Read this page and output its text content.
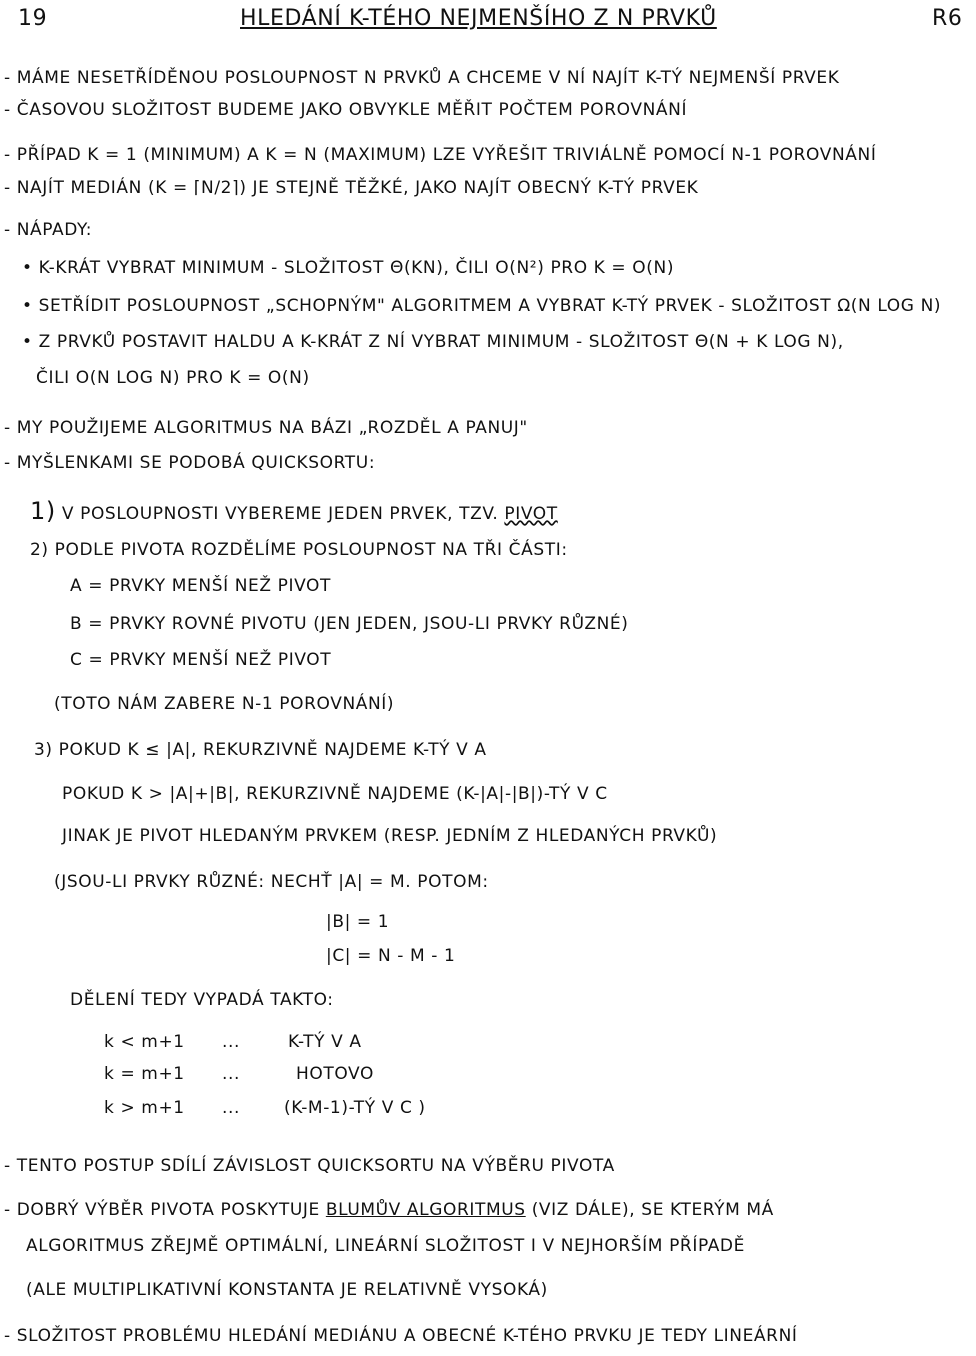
19	HLEDÁNÍ K-TÉHO NEJMENŠÍHO Z N PRVKŮ	R6
- MÁME NESETŘÍDĚNOU POSLOUPNOST N PRVKŮ A CHCEME V NÍ NAJÍT K-TÝ NEJMENŠÍ PRVEK
- ČASOVOU SLOŽITOST BUDEME JAKO OBVYKLE MĚŘIT POČTEM POROVNÁNÍ
- PŘÍPAD K = 1 (MINIMUM) A K = N (MAXIMUM) LZE VYŘEŠIT TRIVIÁLNĚ POMOCÍ N-1 POROVNÁNÍ
- NAJÍT MEDIÁN (K = ⌈N/2⌉) JE STEJNĚ TĚŽKÉ, JAKO NAJÍT OBECNÝ K-TÝ PRVEK
- NÁPADY:
• K-KRÁT VYBRAT MINIMUM - SLOŽITOST Θ(KN), ČILI O(N²) PRO K = O(N)
• SETŘÍDIT POSLOUPNOST „SCHOPNÝM" ALGORITMEM A VYBRAT K-TÝ PRVEK - SLOŽITOST Ω(N LOG N)
• Z PRVKŮ POSTAVIT HALDU A K-KRÁT Z NÍ VYBRAT MINIMUM - SLOŽITOST Θ(N + K LOG N),
ČILI O(N LOG N) PRO K = O(N)
- MY POUŽIJEME ALGORITMUS NA BÁZI „ROZDĚL A PANUJ"
- MYŠLENKAMI SE PODOBÁ QUICKSORTU:
1) V POSLOUPNOSTI VYBEREME JEDEN PRVEK, TZV. PIVOT
2) PODLE PIVOTA ROZDĚLÍME POSLOUPNOST NA TŘI ČÁSTI:
A = PRVKY MENŠÍ NEŽ PIVOT
B = PRVKY ROVNÉ PIVOTU (JEN JEDEN, JSOU-LI PRVKY RŮZNÉ)
C = PRVKY MENŠÍ NEŽ PIVOT
(TOTO NÁM ZABERE N-1 POROVNÁNÍ)
3) POKUD K ≤ |A|, REKURZIVNĚ NAJDEME K-TÝ V A
POKUD K > |A|+|B|, REKURZIVNĚ NAJDEME (K-|A|-|B|)-TÝ V C
JINAK JE PIVOT HLEDANÝM PRVKEM (RESP. JEDNÍM Z HLEDANÝCH PRVKŮ)
(JSOU-LI PRVKY RŮZNÉ: NECHŤ |A| = M. POTOM:
|B| = 1
|C| = N - M - 1
DĚLENÍ TEDY VYPADÁ TAKTO:
k < m+1 ...	K-TÝ V A
k = m+1 ...	HOTOVO
k > m+1 ...	(K-M-1)-TÝ V C )
- TENTO POSTUP SDÍLÍ ZÁVISLOST QUICKSORTU NA VÝBĚRU PIVOTA
- DOBRÝ VÝBĚR PIVOTA POSKYTUJE BLUMŮV ALGORITMUS (VIZ DÁLE), SE KTERÝM MÁ
ALGORITMUS ZŘEJMĚ OPTIMÁLNÍ, LINEÁRNÍ SLOŽITOST I V NEJHORŠÍM PŘÍPADĚ
(ALE MULTIPLIKATIVNÍ KONSTANTA JE RELATIVNĚ VYSOKÁ)
- SLOŽITOST PROBLÉMU HLEDÁNÍ MEDIÁNU A OBECNÉ K-TÉHO PRVKU JE TEDY LINEÁRNÍ
